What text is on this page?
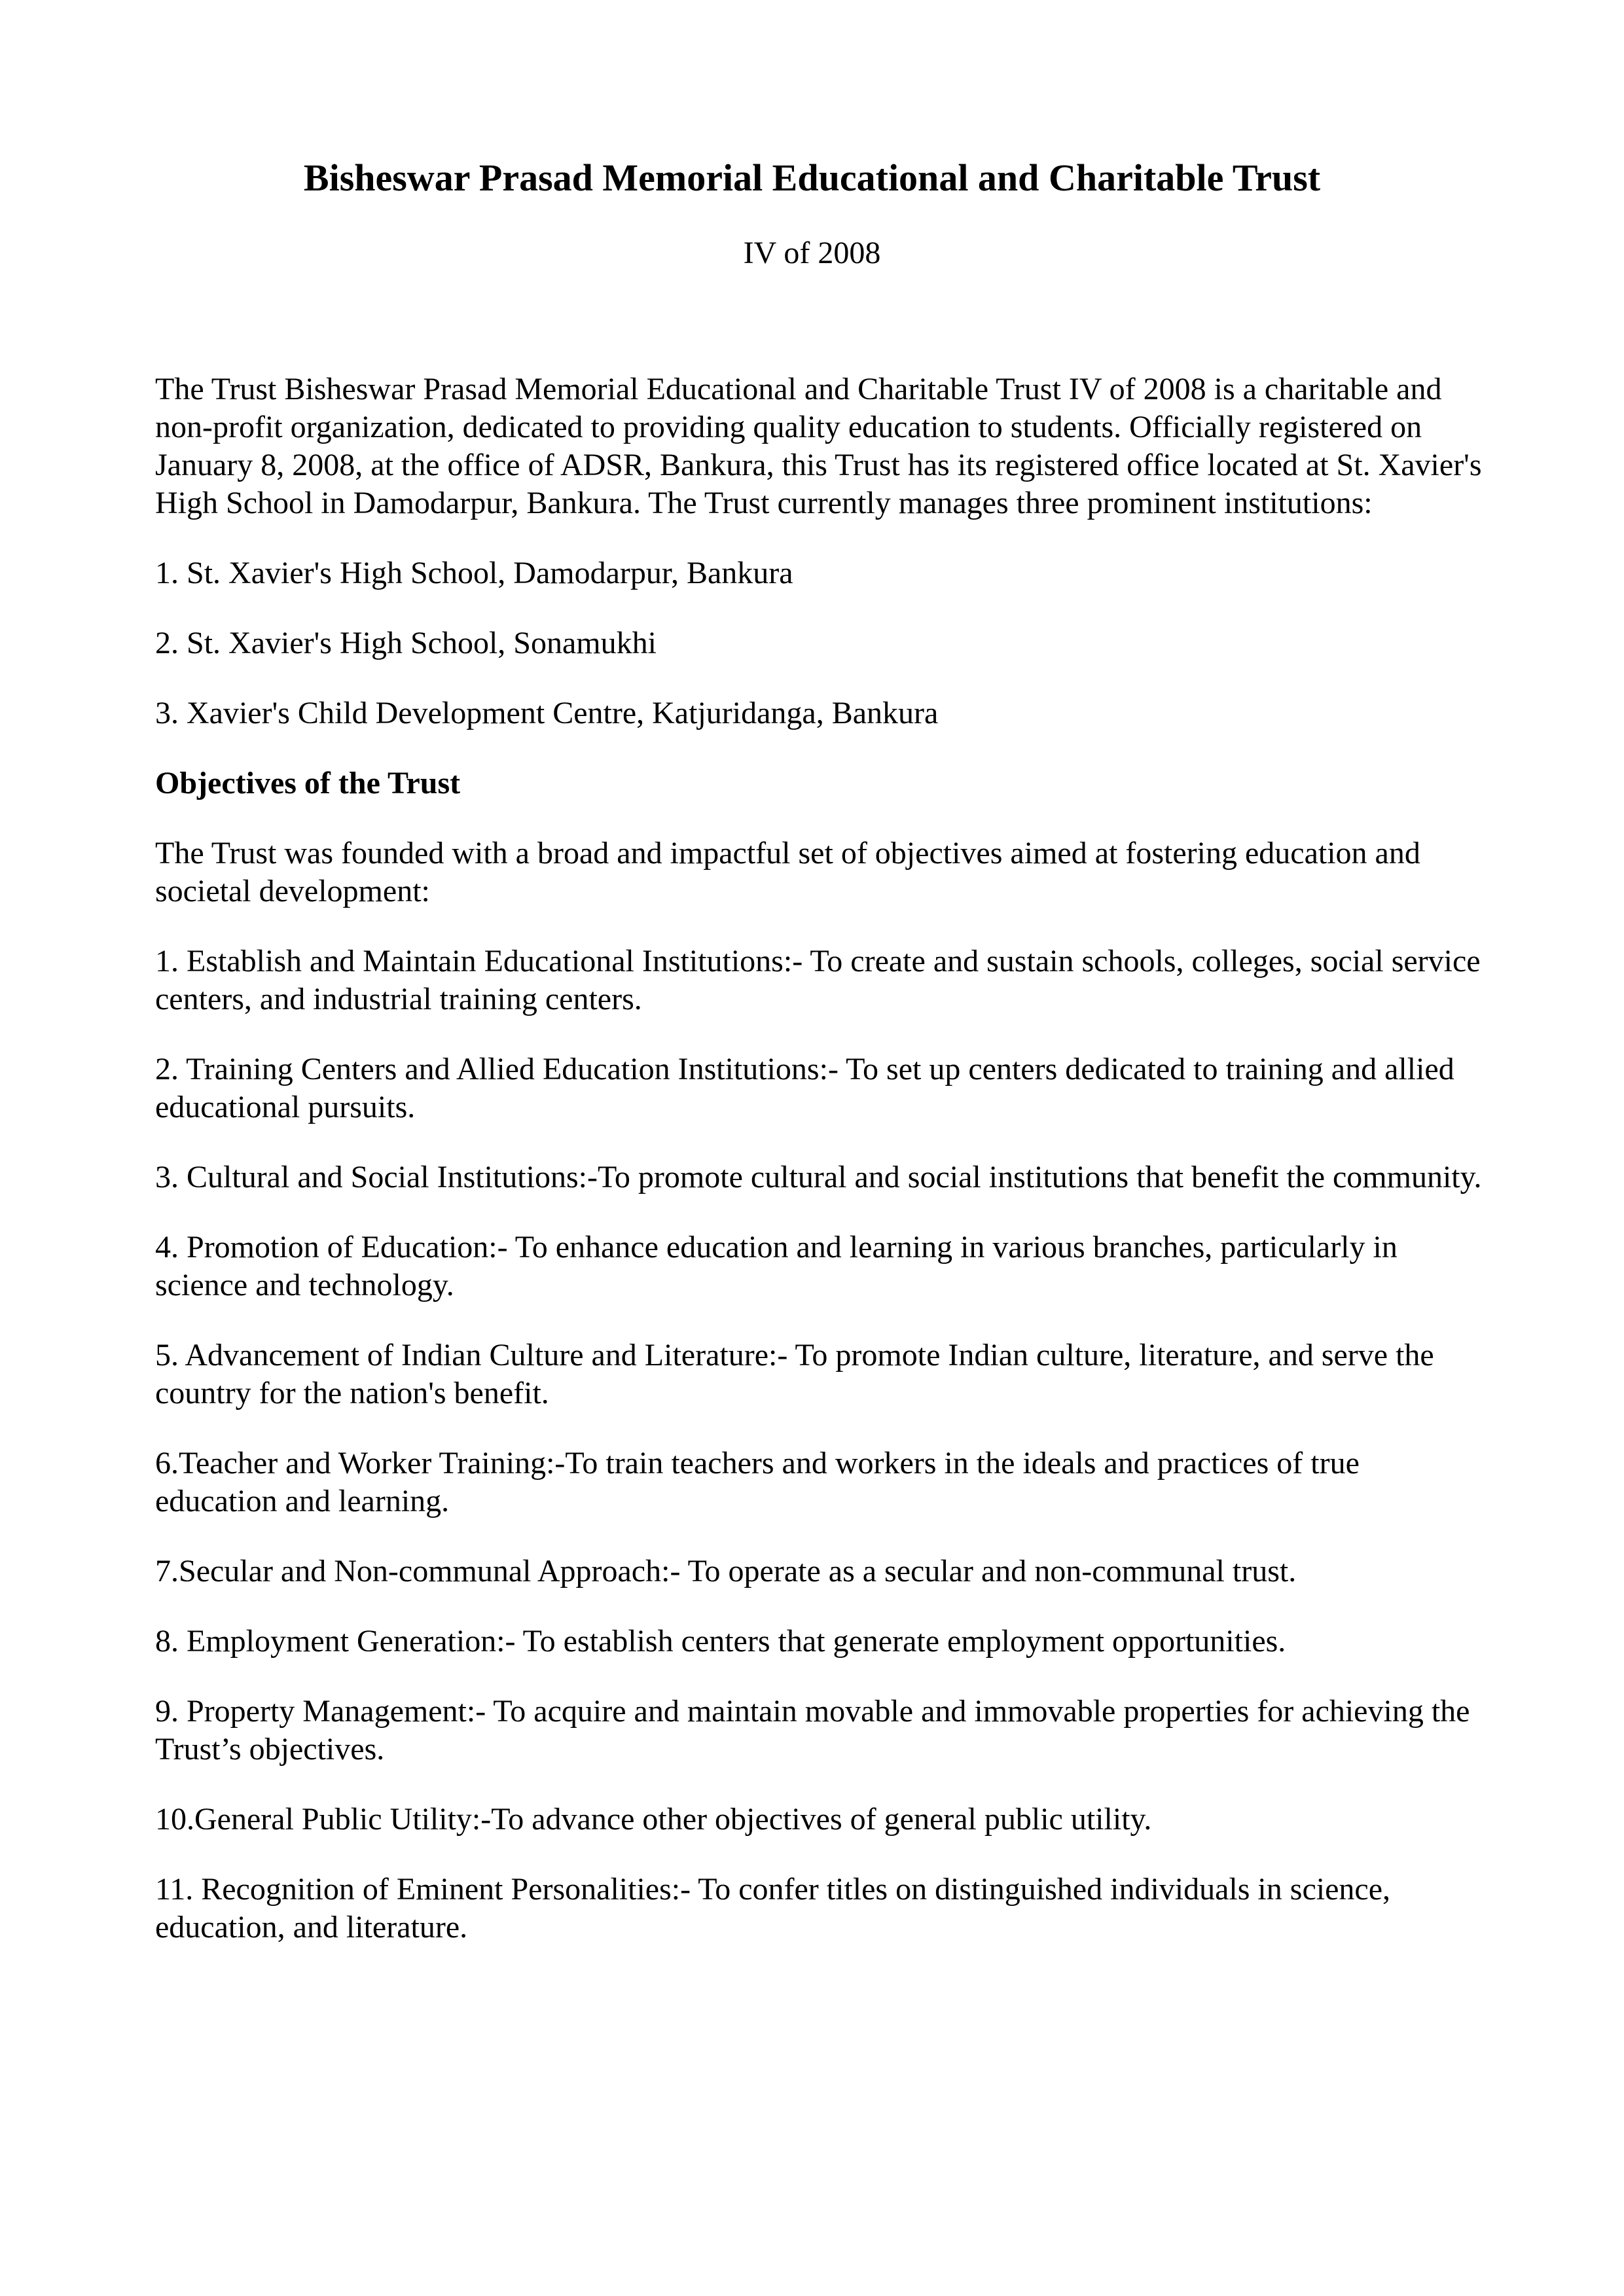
Bisheswar Prasad Memorial Educational and Charitable Trust

IV of 2008

The Trust Bisheswar Prasad Memorial Educational and Charitable Trust IV of 2008 is a charitable and non-profit organization, dedicated to providing quality education to students. Officially registered on January 8, 2008, at the office of ADSR, Bankura, this Trust has its registered office located at St. Xavier's High School in Damodarpur, Bankura. The Trust currently manages three prominent institutions:

1. St. Xavier's High School, Damodarpur, Bankura

2. St. Xavier's High School, Sonamukhi

3. Xavier's Child Development Centre, Katjuridanga, Bankura

Objectives of the Trust

The Trust was founded with a broad and impactful set of objectives aimed at fostering education and societal development:

1. Establish and Maintain Educational Institutions:- To create and sustain schools, colleges, social service centers, and industrial training centers.

2. Training Centers and Allied Education Institutions:- To set up centers dedicated to training and allied educational pursuits.

3. Cultural and Social Institutions:-To promote cultural and social institutions that benefit the community.

4. Promotion of Education:- To enhance education and learning in various branches, particularly in science and technology.

5. Advancement of Indian Culture and Literature:- To promote Indian culture, literature, and serve the country for the nation's benefit.

6.Teacher and Worker Training:-To train teachers and workers in the ideals and practices of true education and learning.

7.Secular and Non-communal Approach:- To operate as a secular and non-communal trust.

8. Employment Generation:- To establish centers that generate employment opportunities.

9. Property Management:- To acquire and maintain movable and immovable properties for achieving the Trust’s objectives.

10.General Public Utility:-To advance other objectives of general public utility.

11. Recognition of Eminent Personalities:- To confer titles on distinguished individuals in science, education, and literature.
